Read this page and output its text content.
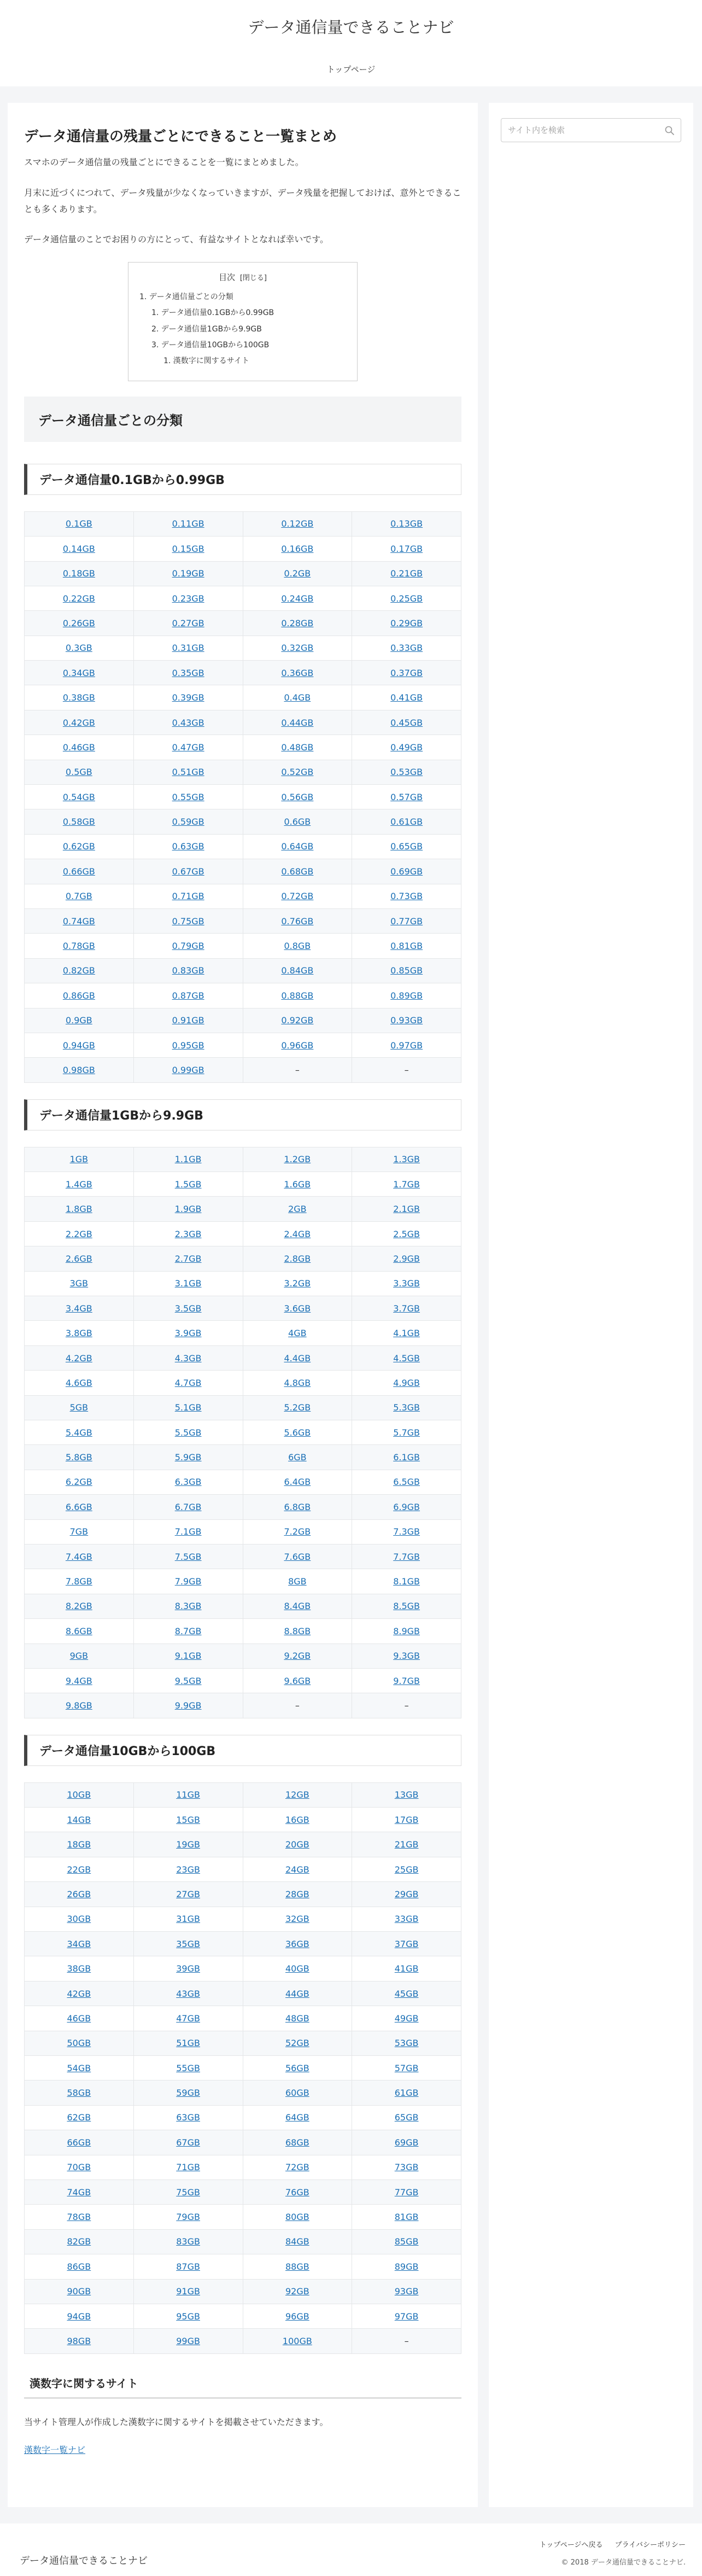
データ通信量できることナビ
トップページ
データ通信量の残量ごとにできること一覧まとめ

スマホのデータ通信量の残量ごとにできることを一覧にまとめました。

月末に近づくにつれて、データ残量が少なくなっていきますが、データ残量を把握しておけば、意外とできることも多くあります。

データ通信量のことでお困りの方にとって、有益なサイトとなれば幸いです。

目次 [閉じる]
1. データ通信量ごとの分類
1. データ通信量0.1GBから0.99GB
2. データ通信量1GBから9.9GB
3. データ通信量10GBから100GB
1. 漢数字に関するサイト
データ通信量ごとの分類
データ通信量0.1GBから0.99GB
0.1GB	0.11GB	0.12GB	0.13GB
0.14GB	0.15GB	0.16GB	0.17GB
0.18GB	0.19GB	0.2GB	0.21GB
0.22GB	0.23GB	0.24GB	0.25GB
0.26GB	0.27GB	0.28GB	0.29GB
0.3GB	0.31GB	0.32GB	0.33GB
0.34GB	0.35GB	0.36GB	0.37GB
0.38GB	0.39GB	0.4GB	0.41GB
0.42GB	0.43GB	0.44GB	0.45GB
0.46GB	0.47GB	0.48GB	0.49GB
0.5GB	0.51GB	0.52GB	0.53GB
0.54GB	0.55GB	0.56GB	0.57GB
0.58GB	0.59GB	0.6GB	0.61GB
0.62GB	0.63GB	0.64GB	0.65GB
0.66GB	0.67GB	0.68GB	0.69GB
0.7GB	0.71GB	0.72GB	0.73GB
0.74GB	0.75GB	0.76GB	0.77GB
0.78GB	0.79GB	0.8GB	0.81GB
0.82GB	0.83GB	0.84GB	0.85GB
0.86GB	0.87GB	0.88GB	0.89GB
0.9GB	0.91GB	0.92GB	0.93GB
0.94GB	0.95GB	0.96GB	0.97GB
0.98GB	0.99GB	–	–
データ通信量1GBから9.9GB
1GB	1.1GB	1.2GB	1.3GB
1.4GB	1.5GB	1.6GB	1.7GB
1.8GB	1.9GB	2GB	2.1GB
2.2GB	2.3GB	2.4GB	2.5GB
2.6GB	2.7GB	2.8GB	2.9GB
3GB	3.1GB	3.2GB	3.3GB
3.4GB	3.5GB	3.6GB	3.7GB
3.8GB	3.9GB	4GB	4.1GB
4.2GB	4.3GB	4.4GB	4.5GB
4.6GB	4.7GB	4.8GB	4.9GB
5GB	5.1GB	5.2GB	5.3GB
5.4GB	5.5GB	5.6GB	5.7GB
5.8GB	5.9GB	6GB	6.1GB
6.2GB	6.3GB	6.4GB	6.5GB
6.6GB	6.7GB	6.8GB	6.9GB
7GB	7.1GB	7.2GB	7.3GB
7.4GB	7.5GB	7.6GB	7.7GB
7.8GB	7.9GB	8GB	8.1GB
8.2GB	8.3GB	8.4GB	8.5GB
8.6GB	8.7GB	8.8GB	8.9GB
9GB	9.1GB	9.2GB	9.3GB
9.4GB	9.5GB	9.6GB	9.7GB
9.8GB	9.9GB	–	–
データ通信量10GBから100GB
10GB	11GB	12GB	13GB
14GB	15GB	16GB	17GB
18GB	19GB	20GB	21GB
22GB	23GB	24GB	25GB
26GB	27GB	28GB	29GB
30GB	31GB	32GB	33GB
34GB	35GB	36GB	37GB
38GB	39GB	40GB	41GB
42GB	43GB	44GB	45GB
46GB	47GB	48GB	49GB
50GB	51GB	52GB	53GB
54GB	55GB	56GB	57GB
58GB	59GB	60GB	61GB
62GB	63GB	64GB	65GB
66GB	67GB	68GB	69GB
70GB	71GB	72GB	73GB
74GB	75GB	76GB	77GB
78GB	79GB	80GB	81GB
82GB	83GB	84GB	85GB
86GB	87GB	88GB	89GB
90GB	91GB	92GB	93GB
94GB	95GB	96GB	97GB
98GB	99GB	100GB	–
漢数字に関するサイト

当サイト管理人が作成した漢数字に関するサイトを掲載させていただきます。

漢数字一覧ナビ

サイト内を検索
データ通信量できることナビ
トップページへ戻る プライバシーポリシー
© 2018 データ通信量できることナビ.
